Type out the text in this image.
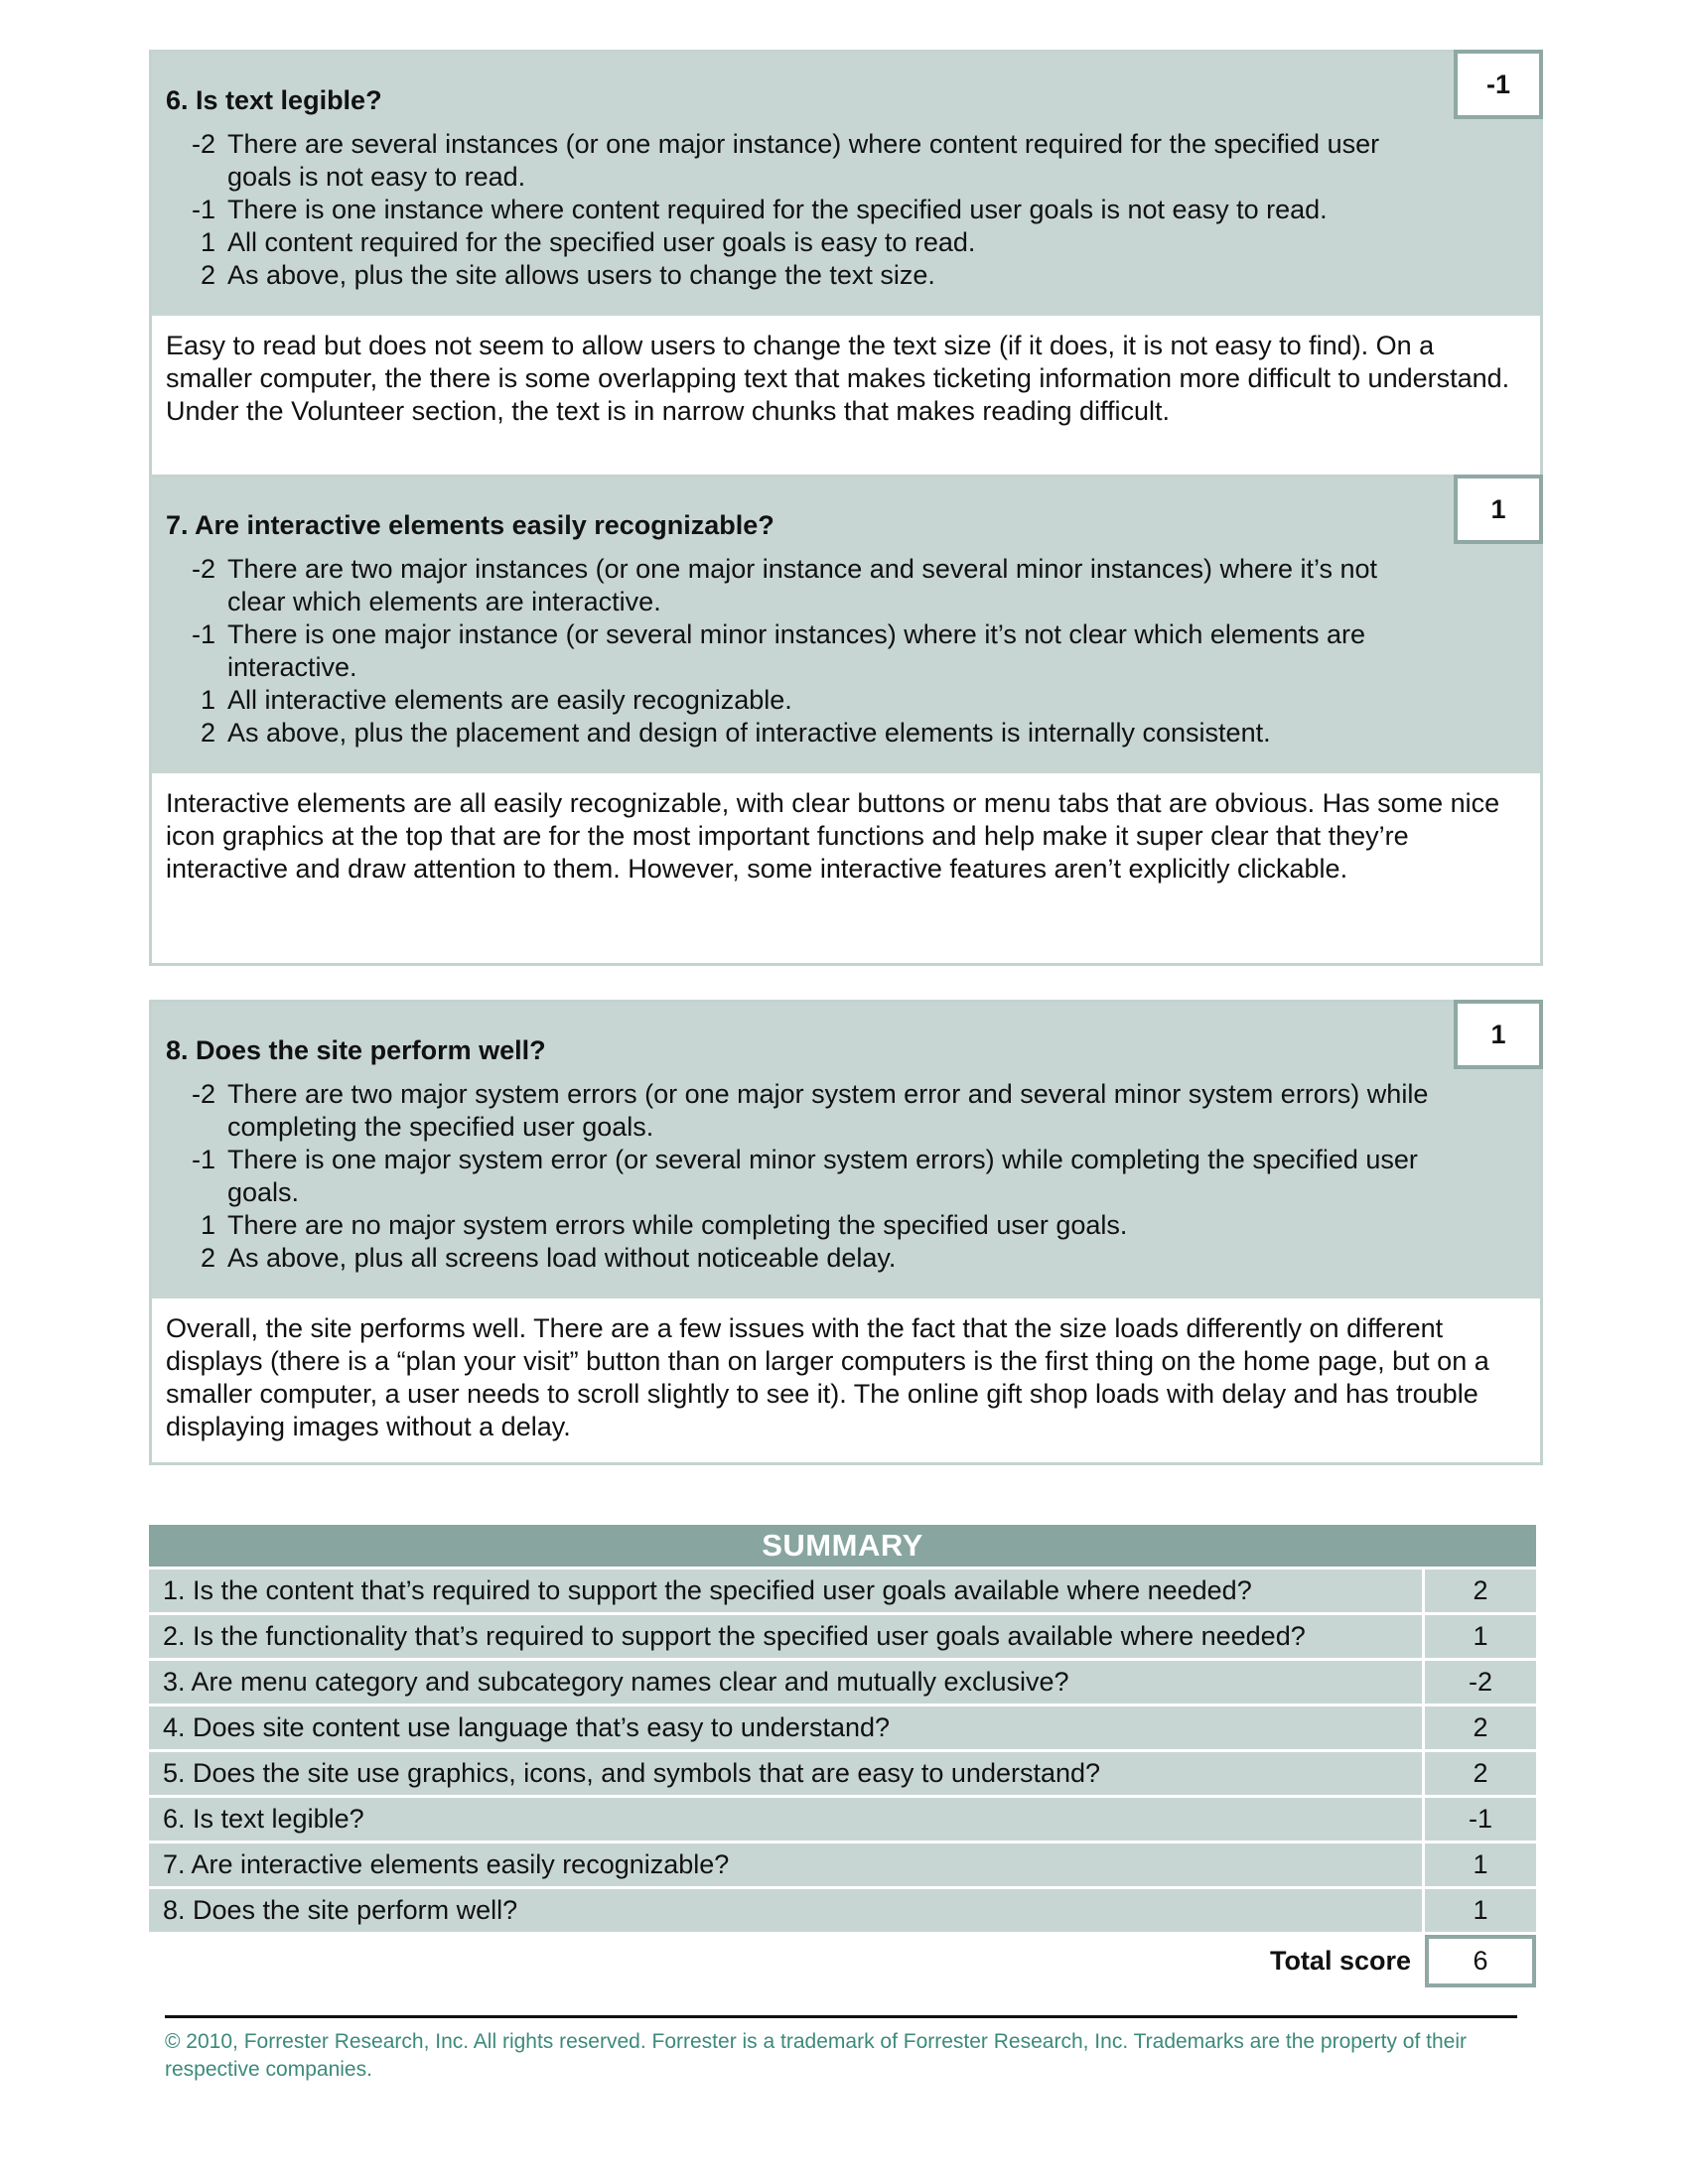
6. Is text legible?
-1
-2 There are several instances (or one major instance) where content required for the specified user goals is not easy to read.
-1 There is one instance where content required for the specified user goals is not easy to read.
1 All content required for the specified user goals is easy to read.
2 As above, plus the site allows users to change the text size.
Easy to read but does not seem to allow users to change the text size (if it does, it is not easy to find). On a smaller computer, the there is some overlapping text that makes ticketing information more difficult to understand. Under the Volunteer section, the text is in narrow chunks that makes reading difficult.
7. Are interactive elements easily recognizable?
1
-2 There are two major instances (or one major instance and several minor instances) where it’s not clear which elements are interactive.
-1 There is one major instance (or several minor instances) where it’s not clear which elements are interactive.
1 All interactive elements are easily recognizable.
2 As above, plus the placement and design of interactive elements is internally consistent.
Interactive elements are all easily recognizable, with clear buttons or menu tabs that are obvious. Has some nice icon graphics at the top that are for the most important functions and help make it super clear that they’re interactive and draw attention to them. However, some interactive features aren’t explicitly clickable.
8. Does the site perform well?
1
-2 There are two major system errors (or one major system error and several minor system errors) while completing the specified user goals.
-1 There is one major system error (or several minor system errors) while completing the specified user goals.
1 There are no major system errors while completing the specified user goals.
2 As above, plus all screens load without noticeable delay.
Overall, the site performs well. There are a few issues with the fact that the size loads differently on different displays (there is a “plan your visit” button than on larger computers is the first thing on the home page, but on a smaller computer, a user needs to scroll slightly to see it). The online gift shop loads with delay and has trouble displaying images without a delay.
SUMMARY
1. Is the content that’s required to support the specified user goals available where needed?	2
2. Is the functionality that’s required to support the specified user goals available where needed?	1
3. Are menu category and subcategory names clear and mutually exclusive?	-2
4. Does site content use language that’s easy to understand?	2
5. Does the site use graphics, icons, and symbols that are easy to understand?	2
6. Is text legible?	-1
7. Are interactive elements easily recognizable?	1
8. Does the site perform well?	1
Total score	6
© 2010, Forrester Research, Inc. All rights reserved. Forrester is a trademark of Forrester Research, Inc. Trademarks are the property of their respective companies.
